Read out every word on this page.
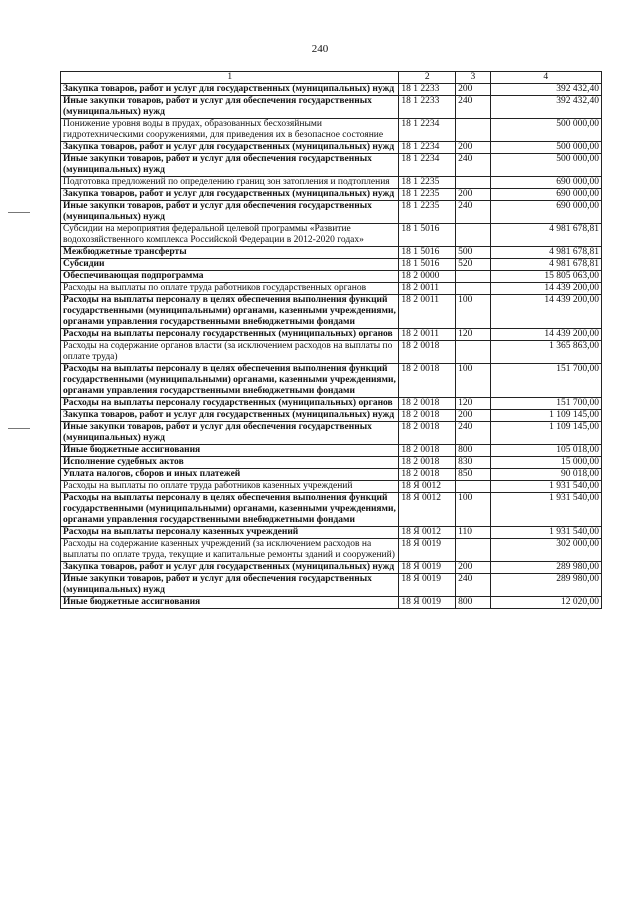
240
1	2	3	4
Закупка товаров, работ и услуг для государственных (муниципальных) нужд	18 1 2233	200	392 432,40
Иные закупки товаров, работ и услуг для обеспечения государственных (муниципальных) нужд	18 1 2233	240	392 432,40
Понижение уровня воды в прудах, образованных бесхозяйными гидротехническими сооружениями, для приведения их в безопасное состояние	18 1 2234		500 000,00
Закупка товаров, работ и услуг для государственных (муниципальных) нужд	18 1 2234	200	500 000,00
Иные закупки товаров, работ и услуг для обеспечения государственных (муниципальных) нужд	18 1 2234	240	500 000,00
Подготовка предложений по определению границ зон затопления и подтопления	18 1 2235		690 000,00
Закупка товаров, работ и услуг для государственных (муниципальных) нужд	18 1 2235	200	690 000,00
Иные закупки товаров, работ и услуг для обеспечения государственных (муниципальных) нужд	18 1 2235	240	690 000,00
Субсидии на мероприятия федеральной целевой программы «Развитие водохозяйственного комплекса Российской Федерации в 2012-2020 годах»	18 1 5016		4 981 678,81
Межбюджетные трансферты	18 1 5016	500	4 981 678,81
Субсидии	18 1 5016	520	4 981 678,81
Обеспечивающая подпрограмма	18 2 0000		15 805 063,00
Расходы на выплаты по оплате труда работников государственных органов	18 2 0011		14 439 200,00
Расходы на выплаты персоналу в целях обеспечения выполнения функций государственными (муниципальными) органами, казенными учреждениями, органами управления государственными внебюджетными фондами	18 2 0011	100	14 439 200,00
Расходы на выплаты персоналу государственных (муниципальных) органов	18 2 0011	120	14 439 200,00
Расходы на содержание органов власти (за исключением расходов на выплаты по оплате труда)	18 2 0018		1 365 863,00
Расходы на выплаты персоналу в целях обеспечения выполнения функций государственными (муниципальными) органами, казенными учреждениями, органами управления государственными внебюджетными фондами	18 2 0018	100	151 700,00
Расходы на выплаты персоналу государственных (муниципальных) органов	18 2 0018	120	151 700,00
Закупка товаров, работ и услуг для государственных (муниципальных) нужд	18 2 0018	200	1 109 145,00
Иные закупки товаров, работ и услуг для обеспечения государственных (муниципальных) нужд	18 2 0018	240	1 109 145,00
Иные бюджетные ассигнования	18 2 0018	800	105 018,00
Исполнение судебных актов	18 2 0018	830	15 000,00
Уплата налогов, сборов и иных платежей	18 2 0018	850	90 018,00
Расходы на выплаты по оплате труда работников казенных учреждений	18 Я 0012		1 931 540,00
Расходы на выплаты персоналу в целях обеспечения выполнения функций государственными (муниципальными) органами, казенными учреждениями, органами управления государственными внебюджетными фондами	18 Я 0012	100	1 931 540,00
Расходы на выплаты персоналу казенных учреждений	18 Я 0012	110	1 931 540,00
Расходы на содержание казенных учреждений (за исключением расходов на выплаты по оплате труда, текущие и капитальные ремонты зданий и сооружений)	18 Я 0019		302 000,00
Закупка товаров, работ и услуг для государственных (муниципальных) нужд	18 Я 0019	200	289 980,00
Иные закупки товаров, работ и услуг для обеспечения государственных (муниципальных) нужд	18 Я 0019	240	289 980,00
Иные бюджетные ассигнования	18 Я 0019	800	12 020,00
